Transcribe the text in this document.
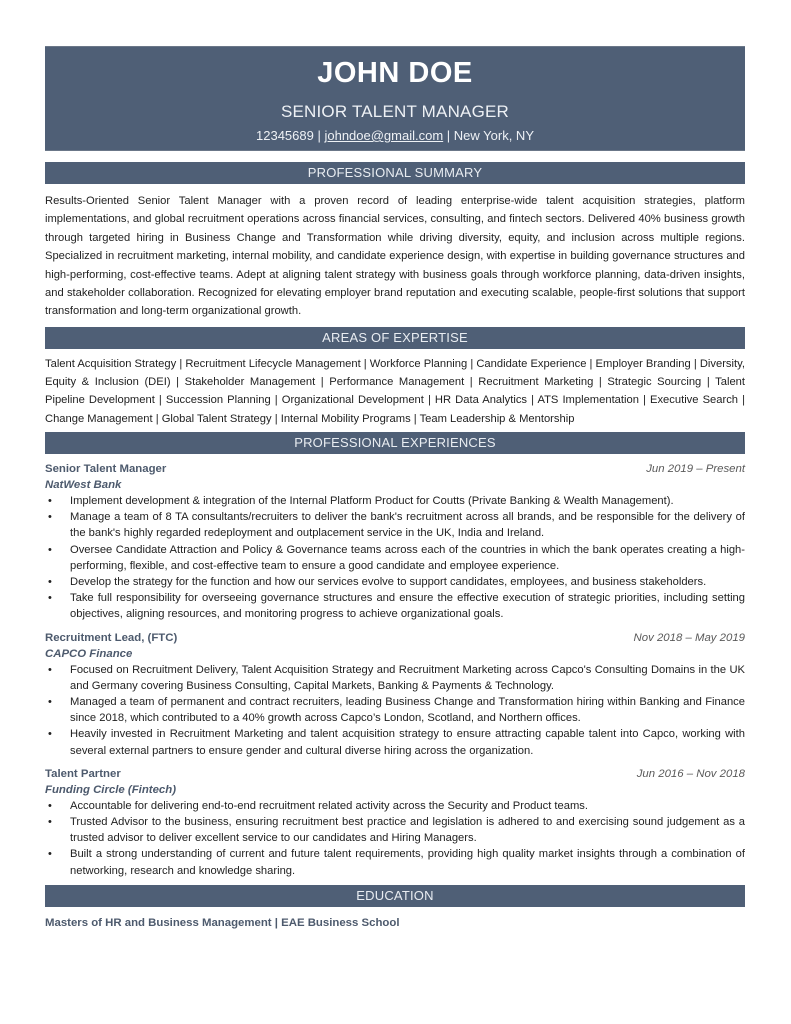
JOHN DOE
SENIOR TALENT MANAGER
12345689 | johndoe@gmail.com | New York, NY
PROFESSIONAL SUMMARY
Results-Oriented Senior Talent Manager with a proven record of leading enterprise-wide talent acquisition strategies, platform implementations, and global recruitment operations across financial services, consulting, and fintech sectors. Delivered 40% business growth through targeted hiring in Business Change and Transformation while driving diversity, equity, and inclusion across multiple regions. Specialized in recruitment marketing, internal mobility, and candidate experience design, with expertise in building governance structures and high-performing, cost-effective teams. Adept at aligning talent strategy with business goals through workforce planning, data-driven insights, and stakeholder collaboration. Recognized for elevating employer brand reputation and executing scalable, people-first solutions that support transformation and long-term organizational growth.
AREAS OF EXPERTISE
Talent Acquisition Strategy | Recruitment Lifecycle Management | Workforce Planning | Candidate Experience | Employer Branding | Diversity, Equity & Inclusion (DEI) | Stakeholder Management | Performance Management | Recruitment Marketing | Strategic Sourcing | Talent Pipeline Development | Succession Planning | Organizational Development | HR Data Analytics | ATS Implementation | Executive Search | Change Management | Global Talent Strategy | Internal Mobility Programs | Team Leadership & Mentorship
PROFESSIONAL EXPERIENCES
Senior Talent Manager	Jun 2019 – Present
NatWest Bank
• Implement development & integration of the Internal Platform Product for Coutts (Private Banking & Wealth Management).
• Manage a team of 8 TA consultants/recruiters to deliver the bank's recruitment across all brands, and be responsible for the delivery of the bank's highly regarded redeployment and outplacement service in the UK, India and Ireland.
• Oversee Candidate Attraction and Policy & Governance teams across each of the countries in which the bank operates creating a high-performing, flexible, and cost-effective team to ensure a good candidate and employee experience.
• Develop the strategy for the function and how our services evolve to support candidates, employees, and business stakeholders.
• Take full responsibility for overseeing governance structures and ensure the effective execution of strategic priorities, including setting objectives, aligning resources, and monitoring progress to achieve organizational goals.
Recruitment Lead, (FTC)	Nov 2018 – May 2019
CAPCO Finance
• Focused on Recruitment Delivery, Talent Acquisition Strategy and Recruitment Marketing across Capco's Consulting Domains in the UK and Germany covering Business Consulting, Capital Markets, Banking & Payments & Technology.
• Managed a team of permanent and contract recruiters, leading Business Change and Transformation hiring within Banking and Finance since 2018, which contributed to a 40% growth across Capco’s London, Scotland, and Northern offices.
• Heavily invested in Recruitment Marketing and talent acquisition strategy to ensure attracting capable talent into Capco, working with several external partners to ensure gender and cultural diverse hiring across the organization.
Talent Partner	Jun 2016 – Nov 2018
Funding Circle (Fintech)
• Accountable for delivering end-to-end recruitment related activity across the Security and Product teams.
• Trusted Advisor to the business, ensuring recruitment best practice and legislation is adhered to and exercising sound judgement as a trusted advisor to deliver excellent service to our candidates and Hiring Managers.
• Built a strong understanding of current and future talent requirements, providing high quality market insights through a combination of networking, research and knowledge sharing.
EDUCATION
Masters of HR and Business Management | EAE Business School
